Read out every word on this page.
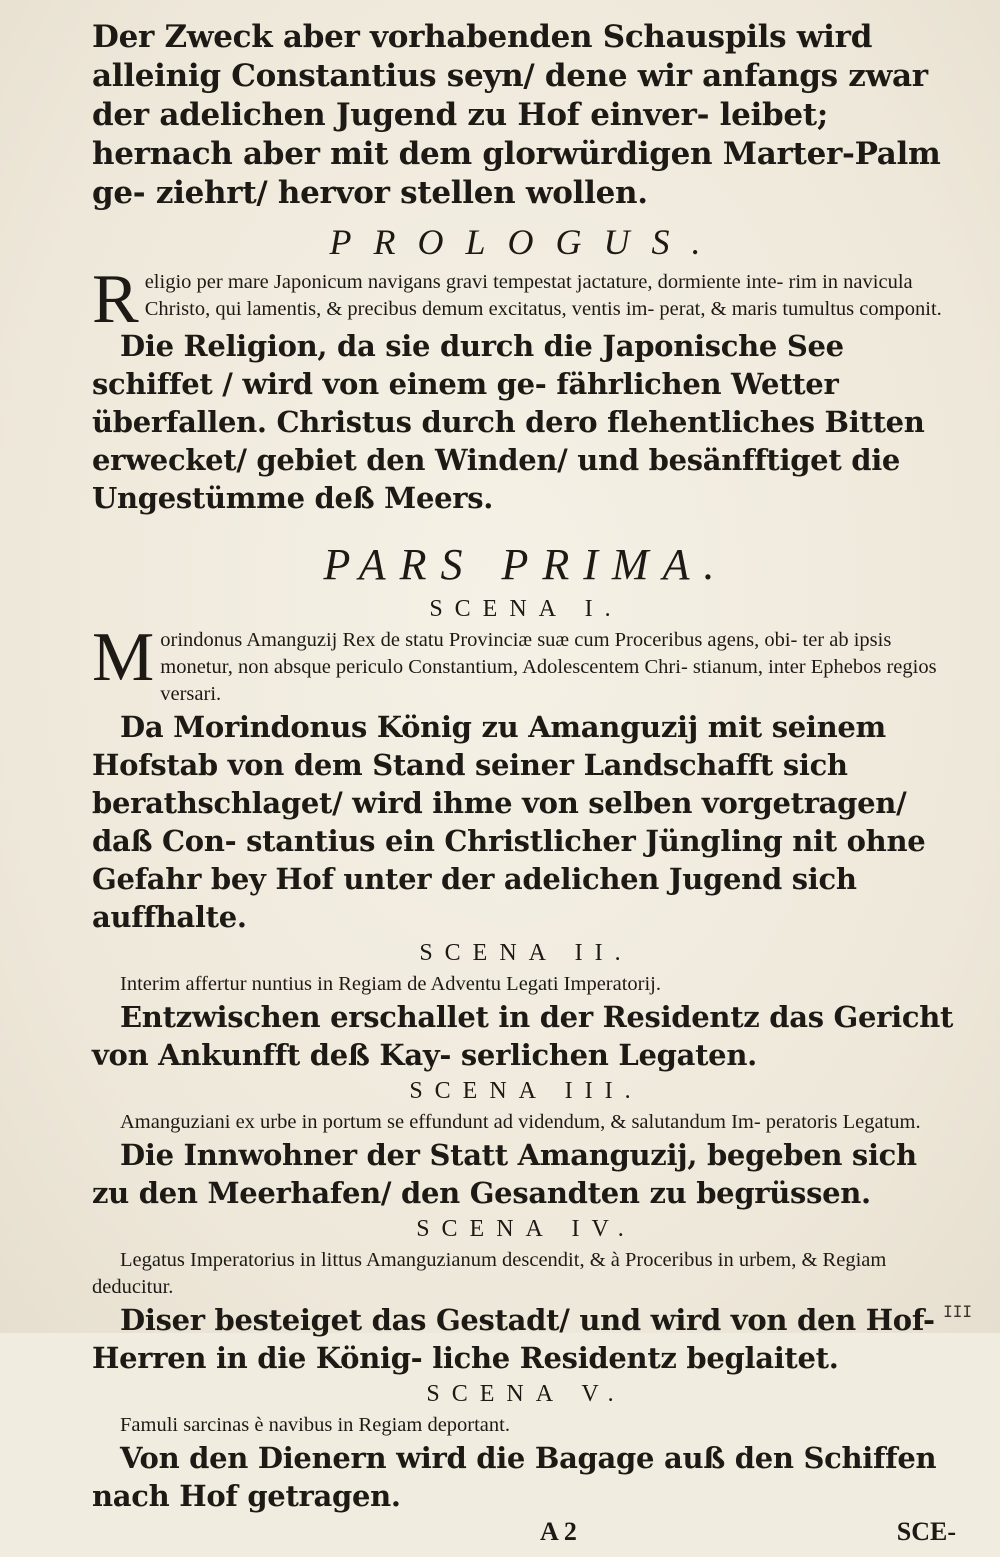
Der Zweck aber vorhabenden Schauspils wird alleinig Constantius seyn/ dene wir anfangs zwar der adelichen Jugend zu Hof einver- leibet; hernach aber mit dem glorwürdigen Marter-Palm ge- ziehrt/ hervor stellen wollen.

PROLOGUS.
R eligio per mare Japonicum navigans gravi tempestat jactature, dormiente inte- rim in navicula Christo, qui lamentis, & precibus demum excitatus, ventis im- perat, & maris tumultus componit.

Die Religion, da sie durch die Japonische See schiffet / wird von einem ge- fährlichen Wetter überfallen. Christus durch dero flehentliches Bitten erwecket/ gebiet den Winden/ und besänfftiget die Ungestümme deß Meers.

PARS PRIMA.
SCENA I.
M orindonus Amanguzij Rex de statu Provinciæ suæ cum Proceribus agens, obi- ter ab ipsis monetur, non absque periculo Constantium, Adolescentem Chri- stianum, inter Ephebos regios versari.

Da Morindonus König zu Amanguzij mit seinem Hofstab von dem Stand seiner Landschafft sich berathschlaget/ wird ihme von selben vorgetragen/ daß Con- stantius ein Christlicher Jüngling nit ohne Gefahr bey Hof unter der adelichen Jugend sich auffhalte.

SCENA II.

Interim affertur nuntius in Regiam de Adventu Legati Imperatorij.

Entzwischen erschallet in der Residentz das Gericht von Ankunfft deß Kay- serlichen Legaten.

SCENA III.

Amanguziani ex urbe in portum se effundunt ad videndum, & salutandum Im- peratoris Legatum.

Die Innwohner der Statt Amanguzij, begeben sich zu den Meerhafen/ den Gesandten zu begrüssen.

SCENA IV.

Legatus Imperatorius in littus Amanguzianum descendit, & à Proceribus in urbem, & Regiam deducitur.

Diser besteiget das Gestadt/ und wird von den Hof-Herren in die König- liche Residentz beglaitet.

SCENA V.

Famuli sarcinas è navibus in Regiam deportant.

Von den Dienern wird die Bagage auß den Schiffen nach Hof getragen.

A 2	SCE-
III
